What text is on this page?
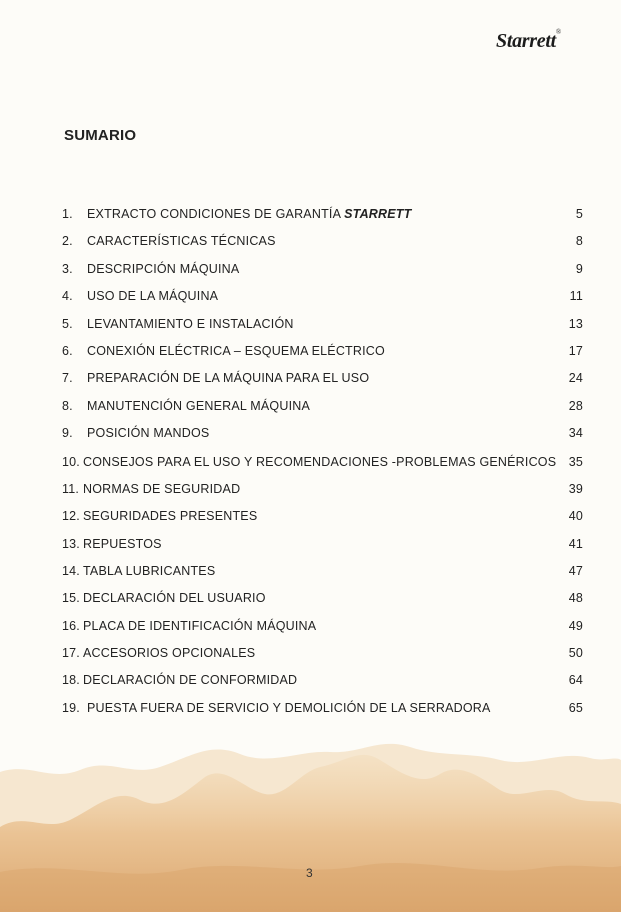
Starrett®
SUMARIO
1. EXTRACTO CONDICIONES DE GARANTÍA STARRETT	5
2. CARACTERÍSTICAS TÉCNICAS	8
3. DESCRIPCIÓN MÁQUINA	9
4. USO DE LA MÁQUINA	11
5. LEVANTAMIENTO E INSTALACIÓN	13
6. CONEXIÓN ELÉCTRICA – ESQUEMA ELÉCTRICO	17
7. PREPARACIÓN DE LA MÁQUINA PARA EL USO	24
8. MANUTENCIÓN GENERAL MÁQUINA	28
9. POSICIÓN MANDOS	34
10. CONSEJOS PARA EL USO Y RECOMENDACIONES -PROBLEMAS GENÉRICOS 35
11. NORMAS DE SEGURIDAD	39
12. SEGURIDADES PRESENTES	40
13. REPUESTOS	41
14. TABLA LUBRICANTES	47
15. DECLARACIÓN DEL USUARIO	48
16. PLACA DE IDENTIFICACIÓN MÁQUINA	49
17. ACCESORIOS OPCIONALES	50
18. DECLARACIÓN DE CONFORMIDAD	64
19. PUESTA FUERA DE SERVICIO Y DEMOLICIÓN DE LA SERRADORA	65
3
